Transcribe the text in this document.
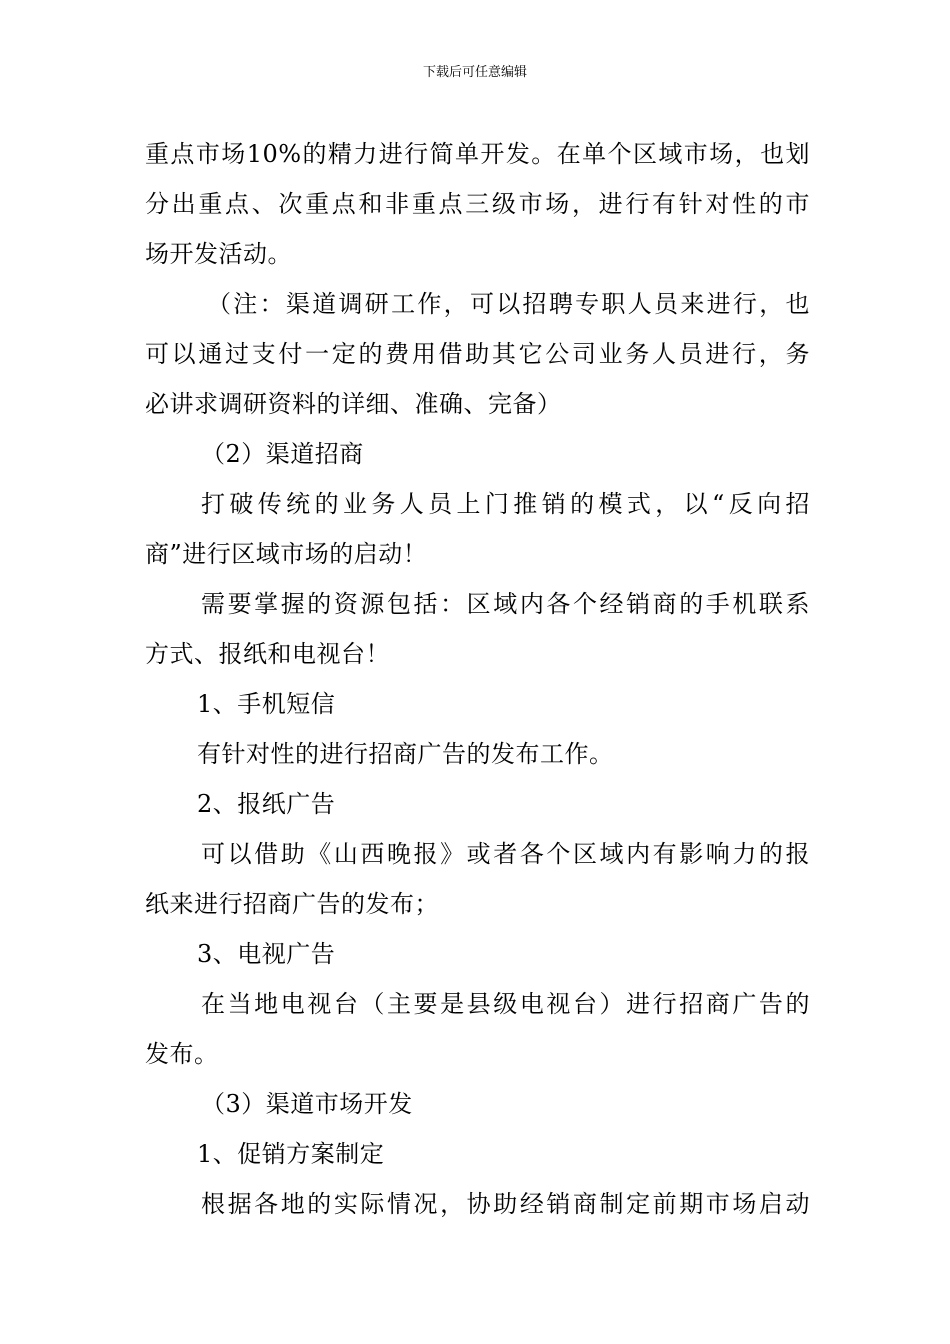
下载后可任意编辑
重点市场10%的精力进行简单开发。在单个区域市场，也划
分出重点、次重点和非重点三级市场，进行有针对性的市
场开发活动。
（注：渠道调研工作，可以招聘专职人员来进行，也
可以通过支付一定的费用借助其它公司业务人员进行，务
必讲求调研资料的详细、准确、完备）
（2）渠道招商
打破传统的业务人员上门推销的模式，以“反向招
商”进行区域市场的启动！
需要掌握的资源包括：区域内各个经销商的手机联系
方式、报纸和电视台！
1、手机短信
有针对性的进行招商广告的发布工作。
2、报纸广告
可以借助《山西晚报》或者各个区域内有影响力的报
纸来进行招商广告的发布；
3、电视广告
在当地电视台（主要是县级电视台）进行招商广告的
发布。
（3）渠道市场开发
1、促销方案制定
根据各地的实际情况，协助经销商制定前期市场启动
